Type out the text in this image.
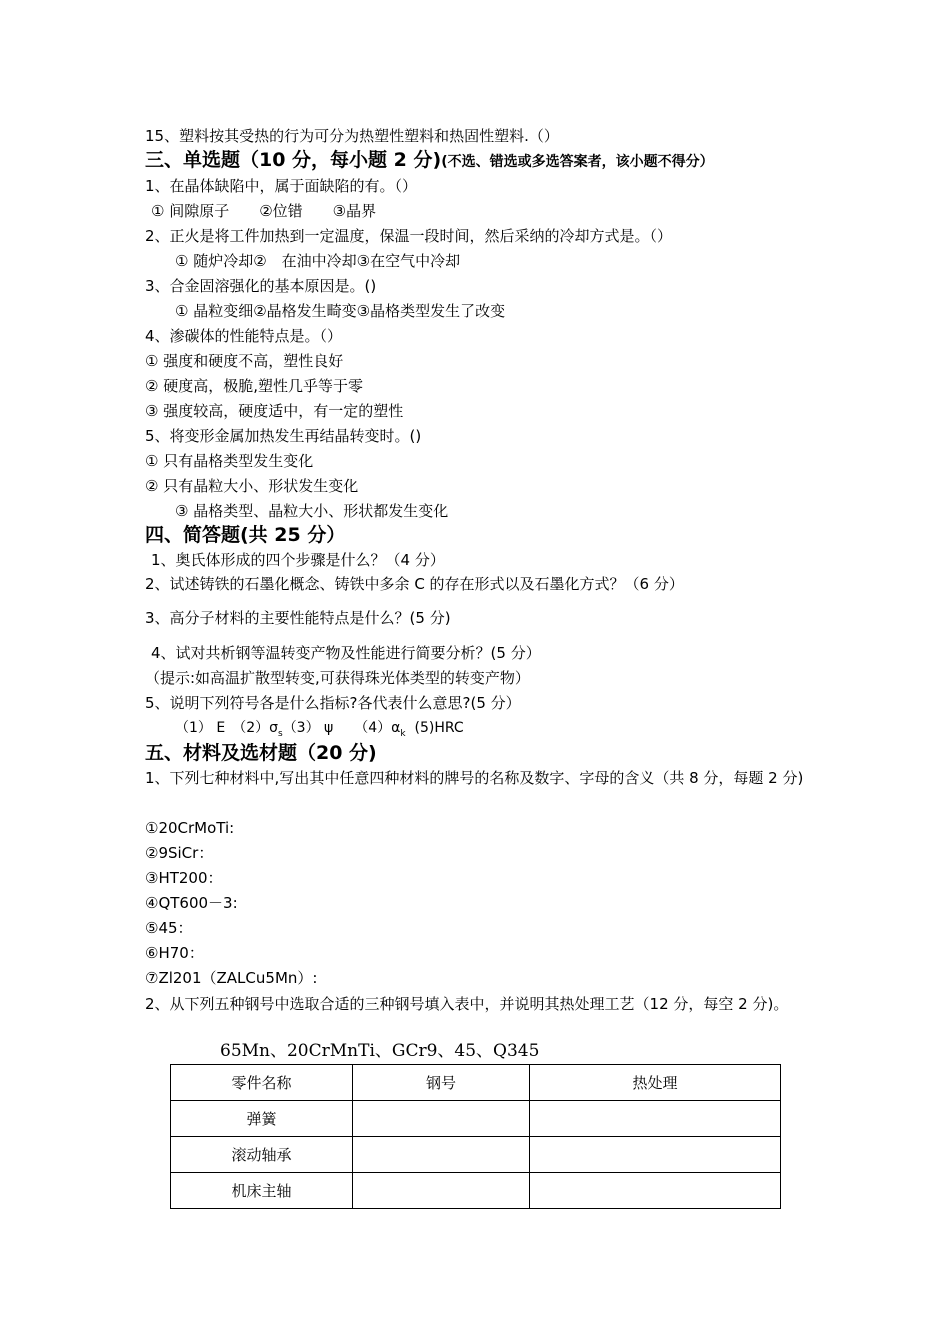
15、塑料按其受热的行为可分为热塑性塑料和热固性塑料.（）
三、单选题（10 分，每小题 2 分)(不选、错选或多选答案者，该小题不得分）
1、在晶体缺陷中，属于面缺陷的有。（）
① 间隙原子　　②位错　　③晶界
2、正火是将工件加热到一定温度，保温一段时间，然后采纳的冷却方式是。（）
① 随炉冷却②　在油中冷却③在空气中冷却
3、合金固溶强化的基本原因是。()
① 晶粒变细②晶格发生畸变③晶格类型发生了改变
4、渗碳体的性能特点是。（）
① 强度和硬度不高，塑性良好
② 硬度高，极脆,塑性几乎等于零
③ 强度较高，硬度适中，有一定的塑性
5、将变形金属加热发生再结晶转变时。()
① 只有晶格类型发生变化
② 只有晶粒大小、形状发生变化
③ 晶格类型、晶粒大小、形状都发生变化
四、简答题(共 25 分）
1、奥氏体形成的四个步骤是什么？（4 分）
2、试述铸铁的石墨化概念、铸铁中多余 C 的存在形式以及石墨化方式？（6 分）
3、高分子材料的主要性能特点是什么？(5 分)
4、试对共析钢等温转变产物及性能进行简要分析？(5 分）
（提示:如高温扩散型转变,可获得珠光体类型的转变产物）
5、说明下列符号各是什么指标?各代表什么意思?(5 分）
（1） E　$(2)\sigma_s(3)$ ψ　　$(4)\alpha_k$ (5)HRC
五、材料及选材题（20 分)
1、下列七种材料中,写出其中任意四种材料的牌号的名称及数字、字母的含义（共 8 分，每题 2 分)
①20CrMoTi:
②9SiCr：
③HT200：
④QT600－3:
⑤45：
⑥H70：
⑦Zl201（ZALCu5Mn）:
2、从下列五种钢号中选取合适的三种钢号填入表中，并说明其热处理工艺（12 分，每空 2 分)。
65Mn、20CrMnTi、GCr9、45、Q345
零件名称	钢号	热处理
弹簧		
滚动轴承		
机床主轴		
